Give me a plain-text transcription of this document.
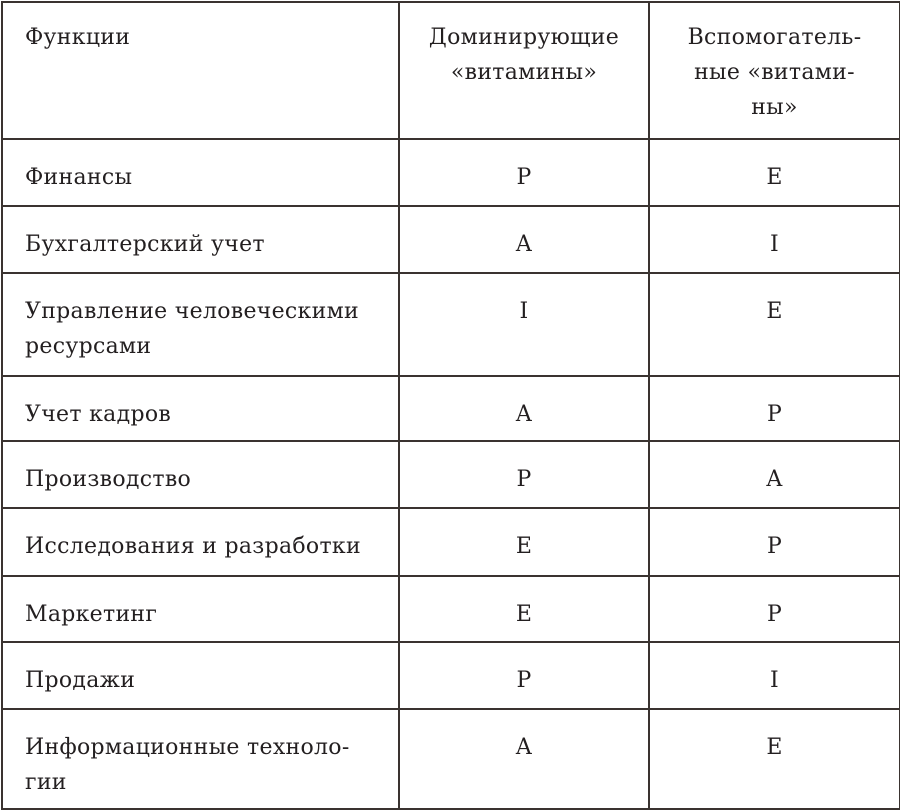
Функции	Доминирующие «витамины»	Вспомогатель-ные «витами-ны»
Финансы	P	E
Бухгалтерский учет	A	I
Управление человеческими ресурсами	I	E
Учет кадров	A	P
Производство	P	A
Исследования и разработки	E	P
Маркетинг	E	P
Продажи	P	I
Информационные техноло-гии	A	E
